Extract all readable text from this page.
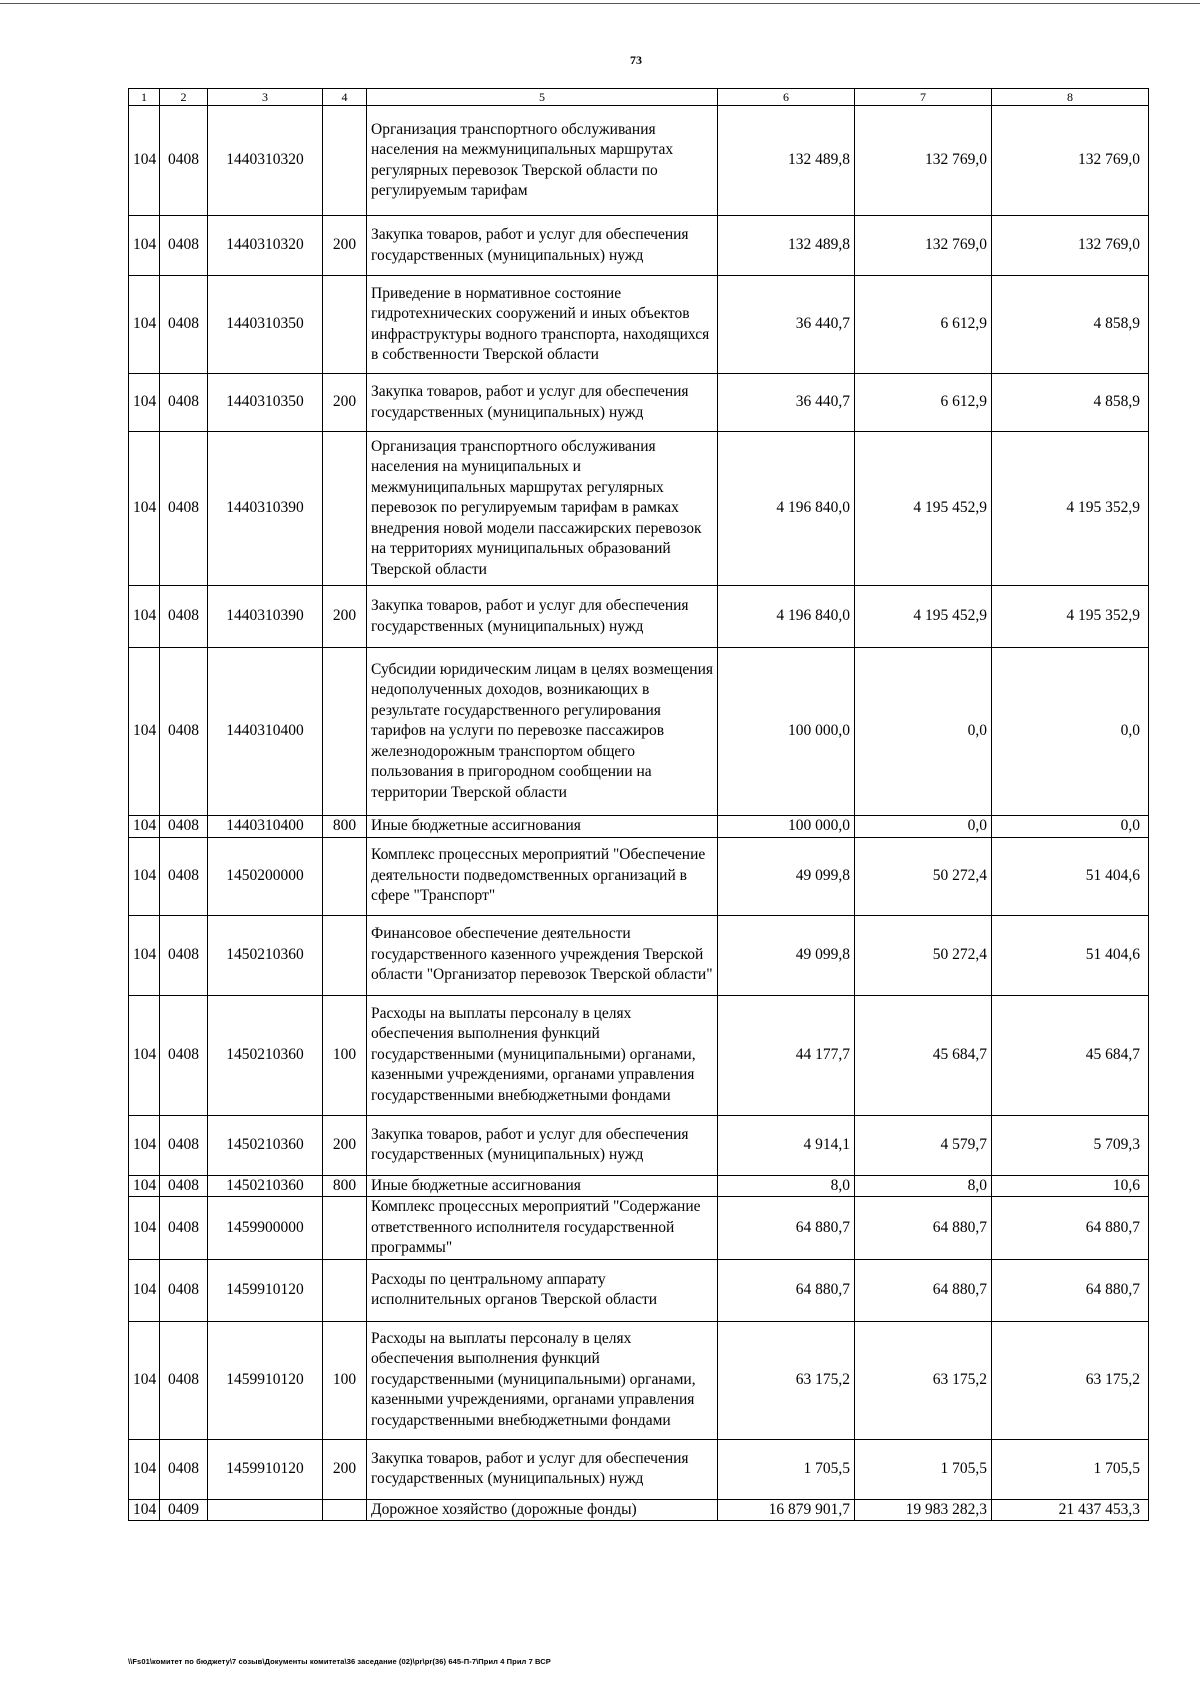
73
1	2	3	4	5	6	7	8
104	0408	1440310320		Организация транспортного обслуживания населения на межмуниципальных маршрутах регулярных перевозок Тверской области по регулируемым тарифам	132 489,8	132 769,0	132 769,0
104	0408	1440310320	200	Закупка товаров, работ и услуг для обеспечения государственных (муниципальных) нужд	132 489,8	132 769,0	132 769,0
104	0408	1440310350		Приведение в нормативное состояние гидротехнических сооружений и иных объектов инфраструктуры водного транспорта, находящихся в собственности Тверской области	36 440,7	6 612,9	4 858,9
104	0408	1440310350	200	Закупка товаров, работ и услуг для обеспечения государственных (муниципальных) нужд	36 440,7	6 612,9	4 858,9
104	0408	1440310390		Организация транспортного обслуживания населения на муниципальных и межмуниципальных маршрутах регулярных перевозок по регулируемым тарифам в рамках внедрения новой модели пассажирских перевозок на территориях муниципальных образований Тверской области	4 196 840,0	4 195 452,9	4 195 352,9
104	0408	1440310390	200	Закупка товаров, работ и услуг для обеспечения государственных (муниципальных) нужд	4 196 840,0	4 195 452,9	4 195 352,9
104	0408	1440310400		Субсидии юридическим лицам в целях возмещения недополученных доходов, возникающих в результате государственного регулирования тарифов на услуги по перевозке пассажиров железнодорожным транспортом общего пользования в пригородном сообщении на территории Тверской области	100 000,0	0,0	0,0
104	0408	1440310400	800	Иные бюджетные ассигнования	100 000,0	0,0	0,0
104	0408	1450200000		Комплекс процессных мероприятий "Обеспечение деятельности подведомственных организаций в сфере "Транспорт"	49 099,8	50 272,4	51 404,6
104	0408	1450210360		Финансовое обеспечение деятельности государственного казенного учреждения Тверской области "Организатор перевозок Тверской области"	49 099,8	50 272,4	51 404,6
104	0408	1450210360	100	Расходы на выплаты персоналу в целях обеспечения выполнения функций государственными (муниципальными) органами, казенными учреждениями, органами управления государственными внебюджетными фондами	44 177,7	45 684,7	45 684,7
104	0408	1450210360	200	Закупка товаров, работ и услуг для обеспечения государственных (муниципальных) нужд	4 914,1	4 579,7	5 709,3
104	0408	1450210360	800	Иные бюджетные ассигнования	8,0	8,0	10,6
104	0408	1459900000		Комплекс процессных мероприятий "Содержание ответственного исполнителя государственной программы"	64 880,7	64 880,7	64 880,7
104	0408	1459910120		Расходы по центральному аппарату исполнительных органов Тверской области	64 880,7	64 880,7	64 880,7
104	0408	1459910120	100	Расходы на выплаты персоналу в целях обеспечения выполнения функций государственными (муниципальными) органами, казенными учреждениями, органами управления государственными внебюджетными фондами	63 175,2	63 175,2	63 175,2
104	0408	1459910120	200	Закупка товаров, работ и услуг для обеспечения государственных (муниципальных) нужд	1 705,5	1 705,5	1 705,5
104	0409			Дорожное хозяйство (дорожные фонды)	16 879 901,7	19 983 282,3	21 437 453,3
\\Fs01\комитет по бюджету\7 созыв\Документы комитета\36 заседание (02)\pr\pr(36) 645-П-7\Прил 4 Прил 7 ВСР
